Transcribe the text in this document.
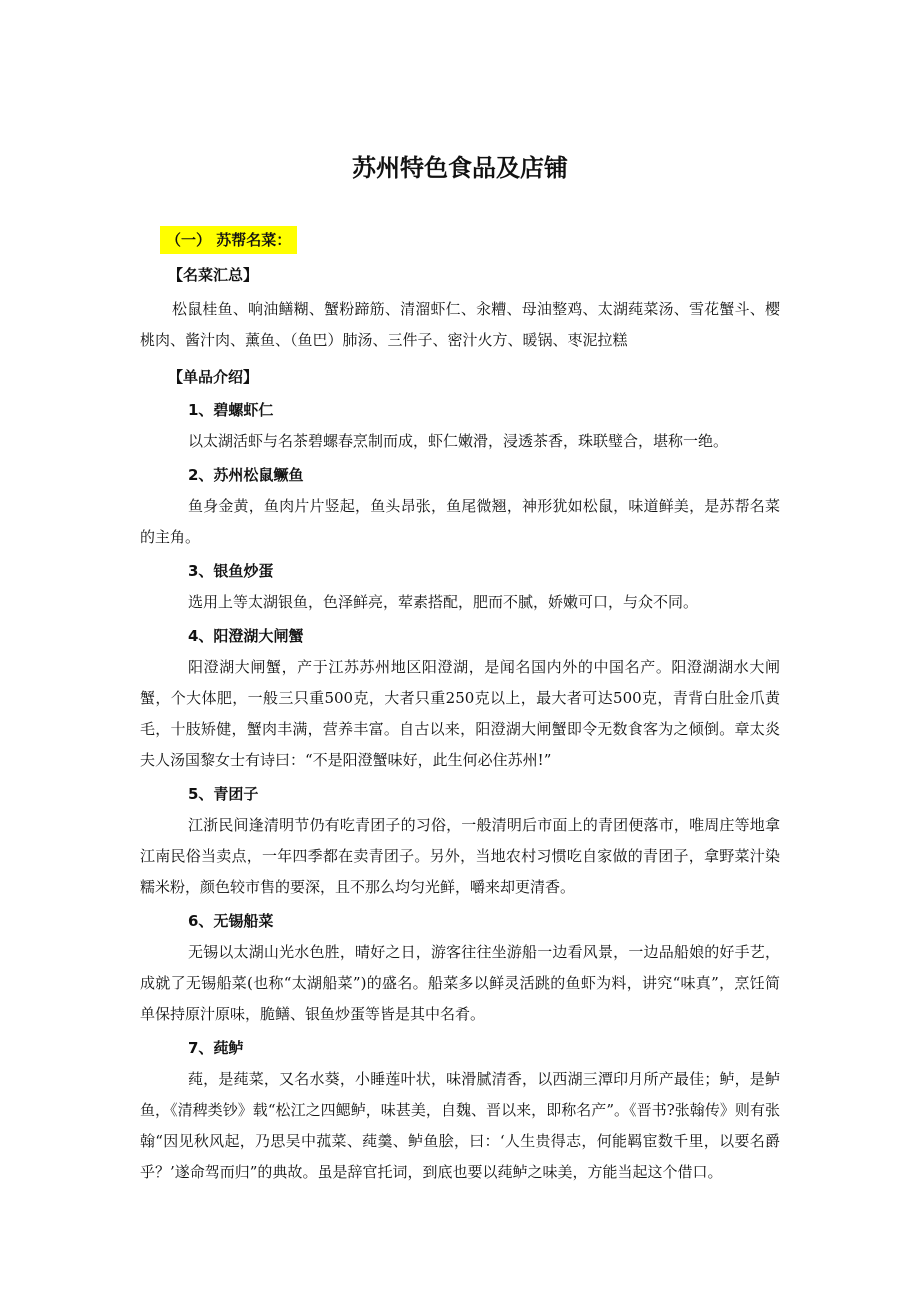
苏州特色食品及店铺
（一） 苏帮名菜：
【名菜汇总】

松鼠桂鱼、响油鳝糊、蟹粉蹄筋、清溜虾仁、汆糟、母油整鸡、太湖莼菜汤、雪花蟹斗、樱桃肉、酱汁肉、薰鱼、（鱼巴）肺汤、三件子、密汁火方、暖锅、枣泥拉糕

【单品介绍】
1、碧螺虾仁

以太湖活虾与名茶碧螺春烹制而成，虾仁嫩滑，浸透茶香，珠联璧合，堪称一绝。

2、苏州松鼠鳜鱼

鱼身金黄，鱼肉片片竖起，鱼头昂张，鱼尾微翘，神形犹如松鼠，味道鲜美，是苏帮名菜的主角。

3、银鱼炒蛋

选用上等太湖银鱼，色泽鲜亮，荤素搭配，肥而不腻，娇嫩可口，与众不同。

4、阳澄湖大闸蟹

阳澄湖大闸蟹，产于江苏苏州地区阳澄湖，是闻名国内外的中国名产。阳澄湖湖水大闸蟹，个大体肥，一般三只重500克，大者只重250克以上，最大者可达500克，青背白肚金爪黄毛，十肢矫健，蟹肉丰满，营养丰富。自古以来，阳澄湖大闸蟹即令无数食客为之倾倒。章太炎夫人汤国黎女士有诗曰：“不是阳澄蟹味好，此生何必住苏州!”

5、青团子

江浙民间逢清明节仍有吃青团子的习俗，一般清明后市面上的青团便落市，唯周庄等地拿江南民俗当卖点，一年四季都在卖青团子。另外，当地农村习惯吃自家做的青团子，拿野菜汁染糯米粉，颜色较市售的要深，且不那么均匀光鲜，嚼来却更清香。

6、无锡船菜

无锡以太湖山光水色胜，晴好之日，游客往往坐游船一边看风景，一边品船娘的好手艺，成就了无锡船菜(也称“太湖船菜”)的盛名。船菜多以鲜灵活跳的鱼虾为料，讲究“味真”，烹饪简单保持原汁原味，脆鳝、银鱼炒蛋等皆是其中名肴。

7、莼鲈

莼，是莼菜，又名水葵，小睡莲叶状，味滑腻清香，以西湖三潭印月所产最佳；鲈，是鲈鱼，《清稗类钞》载“松江之四鳃鲈，味甚美，自魏、晋以来，即称名产”。《晋书?张翰传》则有张翰“因见秋风起，乃思吴中菰菜、莼羹、鲈鱼脍，曰：‘人生贵得志，何能羁宦数千里，以要名爵乎？’遂命驾而归”的典故。虽是辞官托词，到底也要以莼鲈之味美，方能当起这个借口。
